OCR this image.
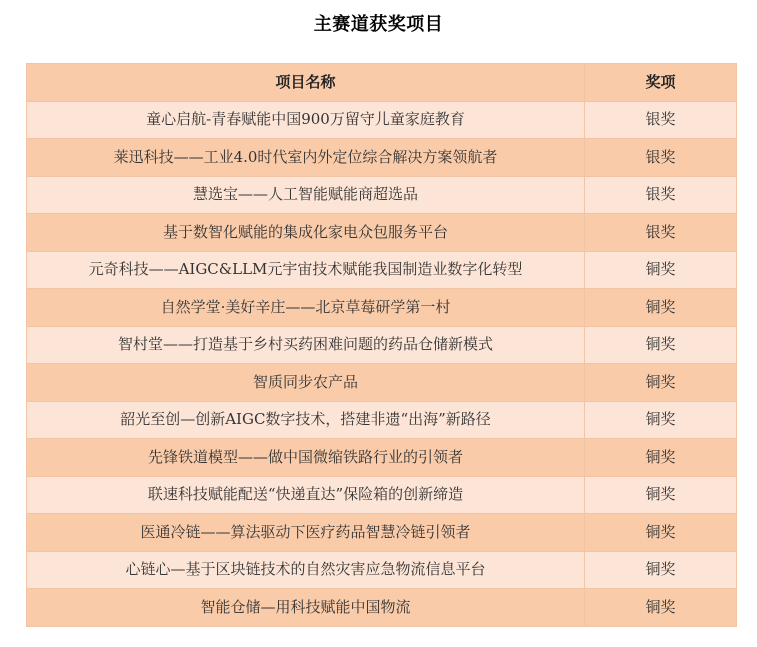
主赛道获奖项目
项目名称	奖项
童心启航-青春赋能中国900万留守儿童家庭教育	银奖
莱迅科技——工业4.0时代室内外定位综合解决方案领航者	银奖
慧选宝——人工智能赋能商超选品	银奖
基于数智化赋能的集成化家电众包服务平台	银奖
元奇科技——AIGC&LLM元宇宙技术赋能我国制造业数字化转型	铜奖
自然学堂·美好辛庄——北京草莓研学第一村	铜奖
智村堂——打造基于乡村买药困难问题的药品仓储新模式	铜奖
智质同步农产品	铜奖
韶光至创—创新AIGC数字技术，搭建非遗“出海”新路径	铜奖
先锋铁道模型——做中国微缩铁路行业的引领者	铜奖
联速科技赋能配送“快递直达”保险箱的创新缔造	铜奖
医通冷链——算法驱动下医疗药品智慧冷链引领者	铜奖
心链心—基于区块链技术的自然灾害应急物流信息平台	铜奖
智能仓储—用科技赋能中国物流	铜奖
